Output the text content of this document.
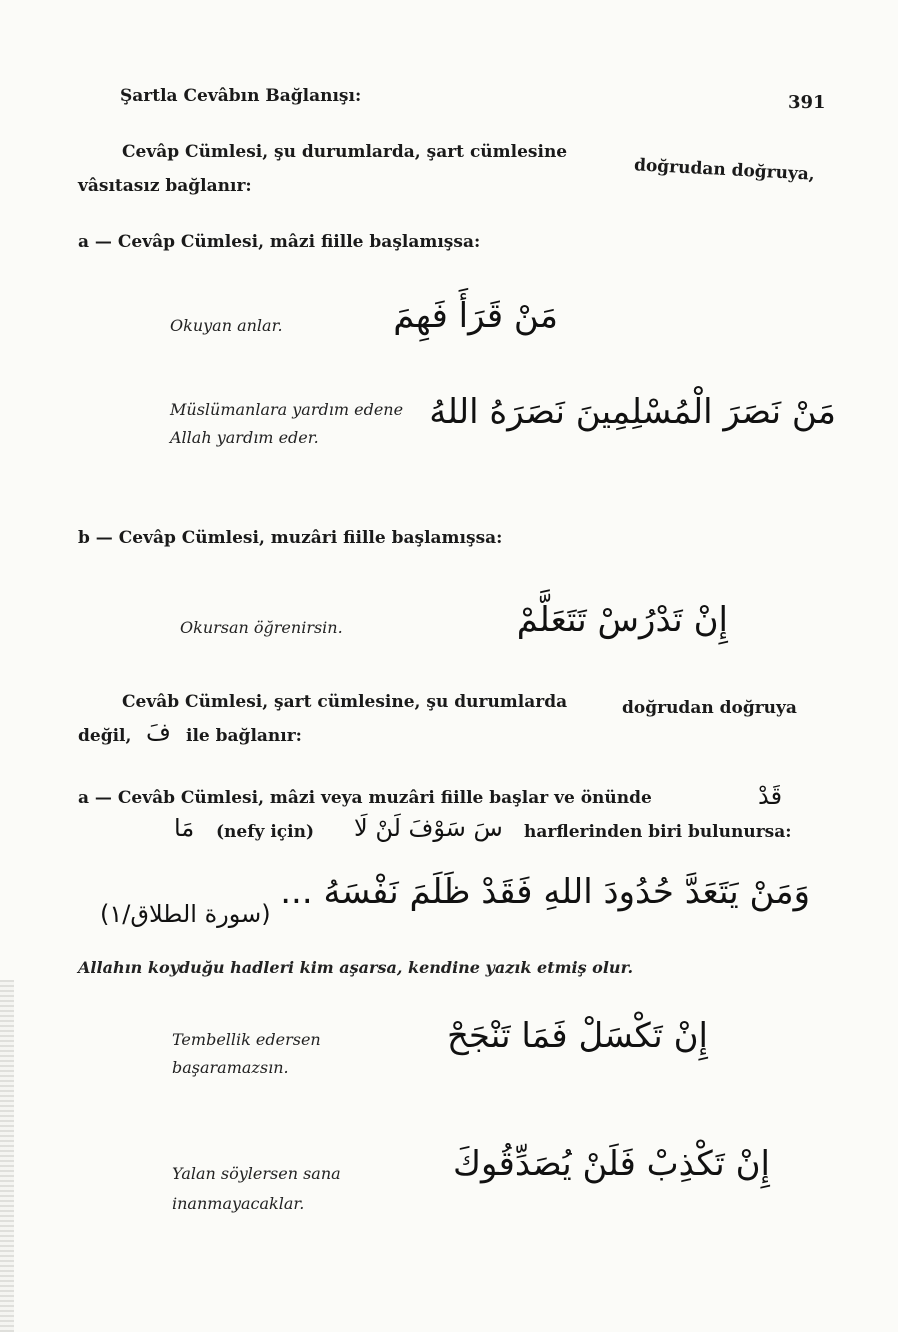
Şartla Cevâbın Bağlanışı:	391
Cevâp Cümlesi, şu durumlarda, şart cümlesine
doğrudan doğruya,
vâsıtasız bağlanır:
a — Cevâp Cümlesi, mâzi fiille başlamışsa:
Okuyan anlar.	مَنْ قَرَأَ فَهِمَ
Müslümanlara yardım edene
Allah yardım eder.
مَنْ نَصَرَ الْمُسْلِمِينَ نَصَرَهُ اللهُ
b — Cevâp Cümlesi, muzâri fiille başlamışsa:
Okursan öğrenirsin.	إِنْ تَدْرُسْ تَتَعَلَّمْ
Cevâb Cümlesi, şart cümlesine, şu durumlarda	doğrudan doğruya
değil, فَ ile bağlanır:
a — Cevâb Cümlesi, mâzi veya muzâri fiille başlar ve önünde	قَدْ
مَا (nefy için) سَ سَوْفَ لَنْ لَا harflerinden biri bulunursa:
(سورة الطلاق/١)
وَمَنْ يَتَعَدَّ حُدُودَ اللهِ فَقَدْ ظَلَمَ نَفْسَهُ ...
Allahın koyduğu hadleri kim aşarsa, kendine yazık etmiş olur.
Tembellik edersen
başaramazsın.
إِنْ تَكْسَلْ فَمَا تَنْجَحْ
Yalan söylersen sana
inanmayacaklar.
إِنْ تَكْذِبْ فَلَنْ يُصَدِّقُوكَ
